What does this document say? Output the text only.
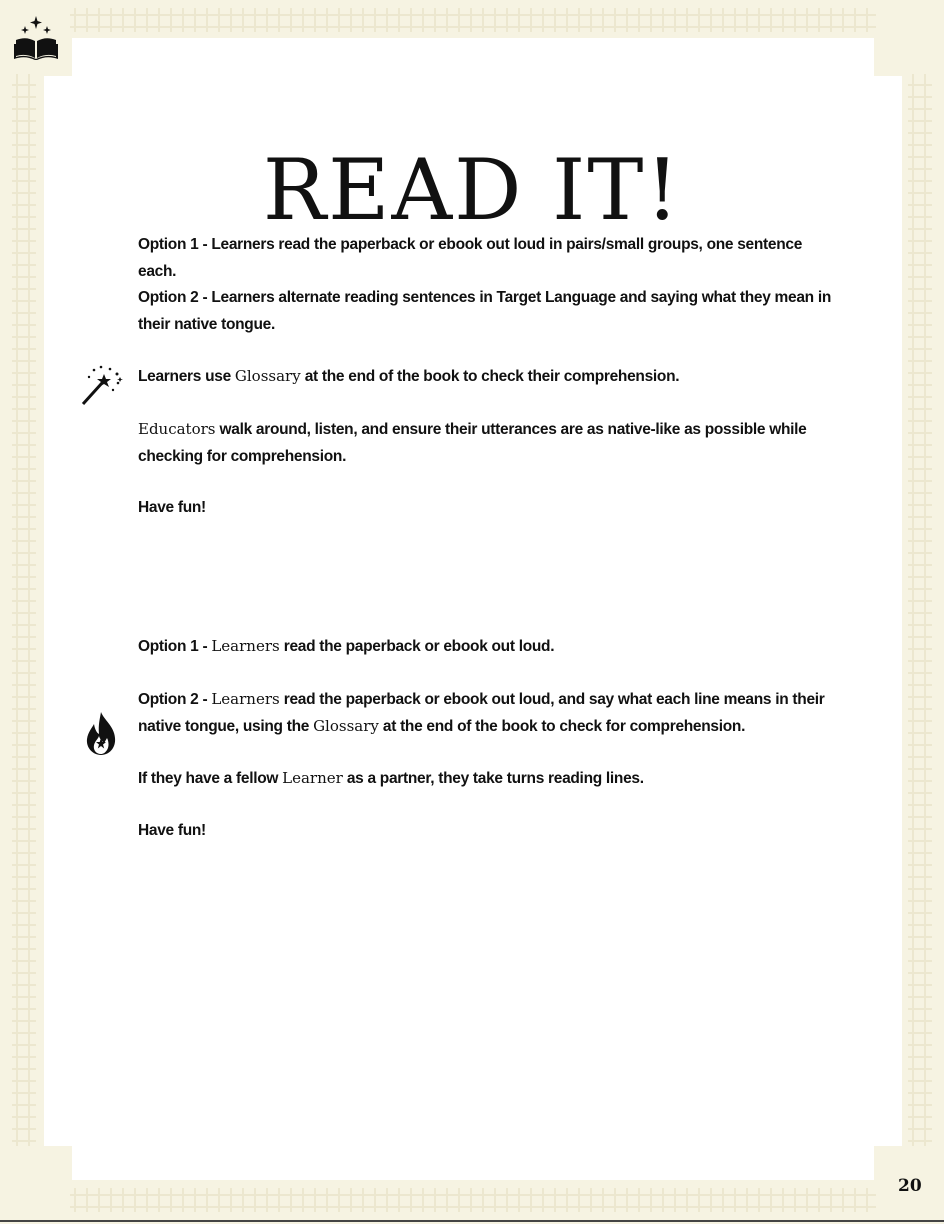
READ IT!

Option 1 - Learners read the paperback or ebook out loud in pairs/small groups, one sentence each.

Option 2 - Learners alternate reading sentences in Target Language and saying what they mean in their native tongue.

Learners use Glossary at the end of the book to check their comprehension.

Educators walk around, listen, and ensure their utterances are as native-like as possible while checking for comprehension.

Have fun!

Option 1 - Learners read the paperback or ebook out loud.

Option 2 - Learners read the paperback or ebook out loud, and say what each line means in their native tongue, using the Glossary at the end of the book to check for comprehension.

If they have a fellow Learner as a partner, they take turns reading lines.

Have fun!

20
